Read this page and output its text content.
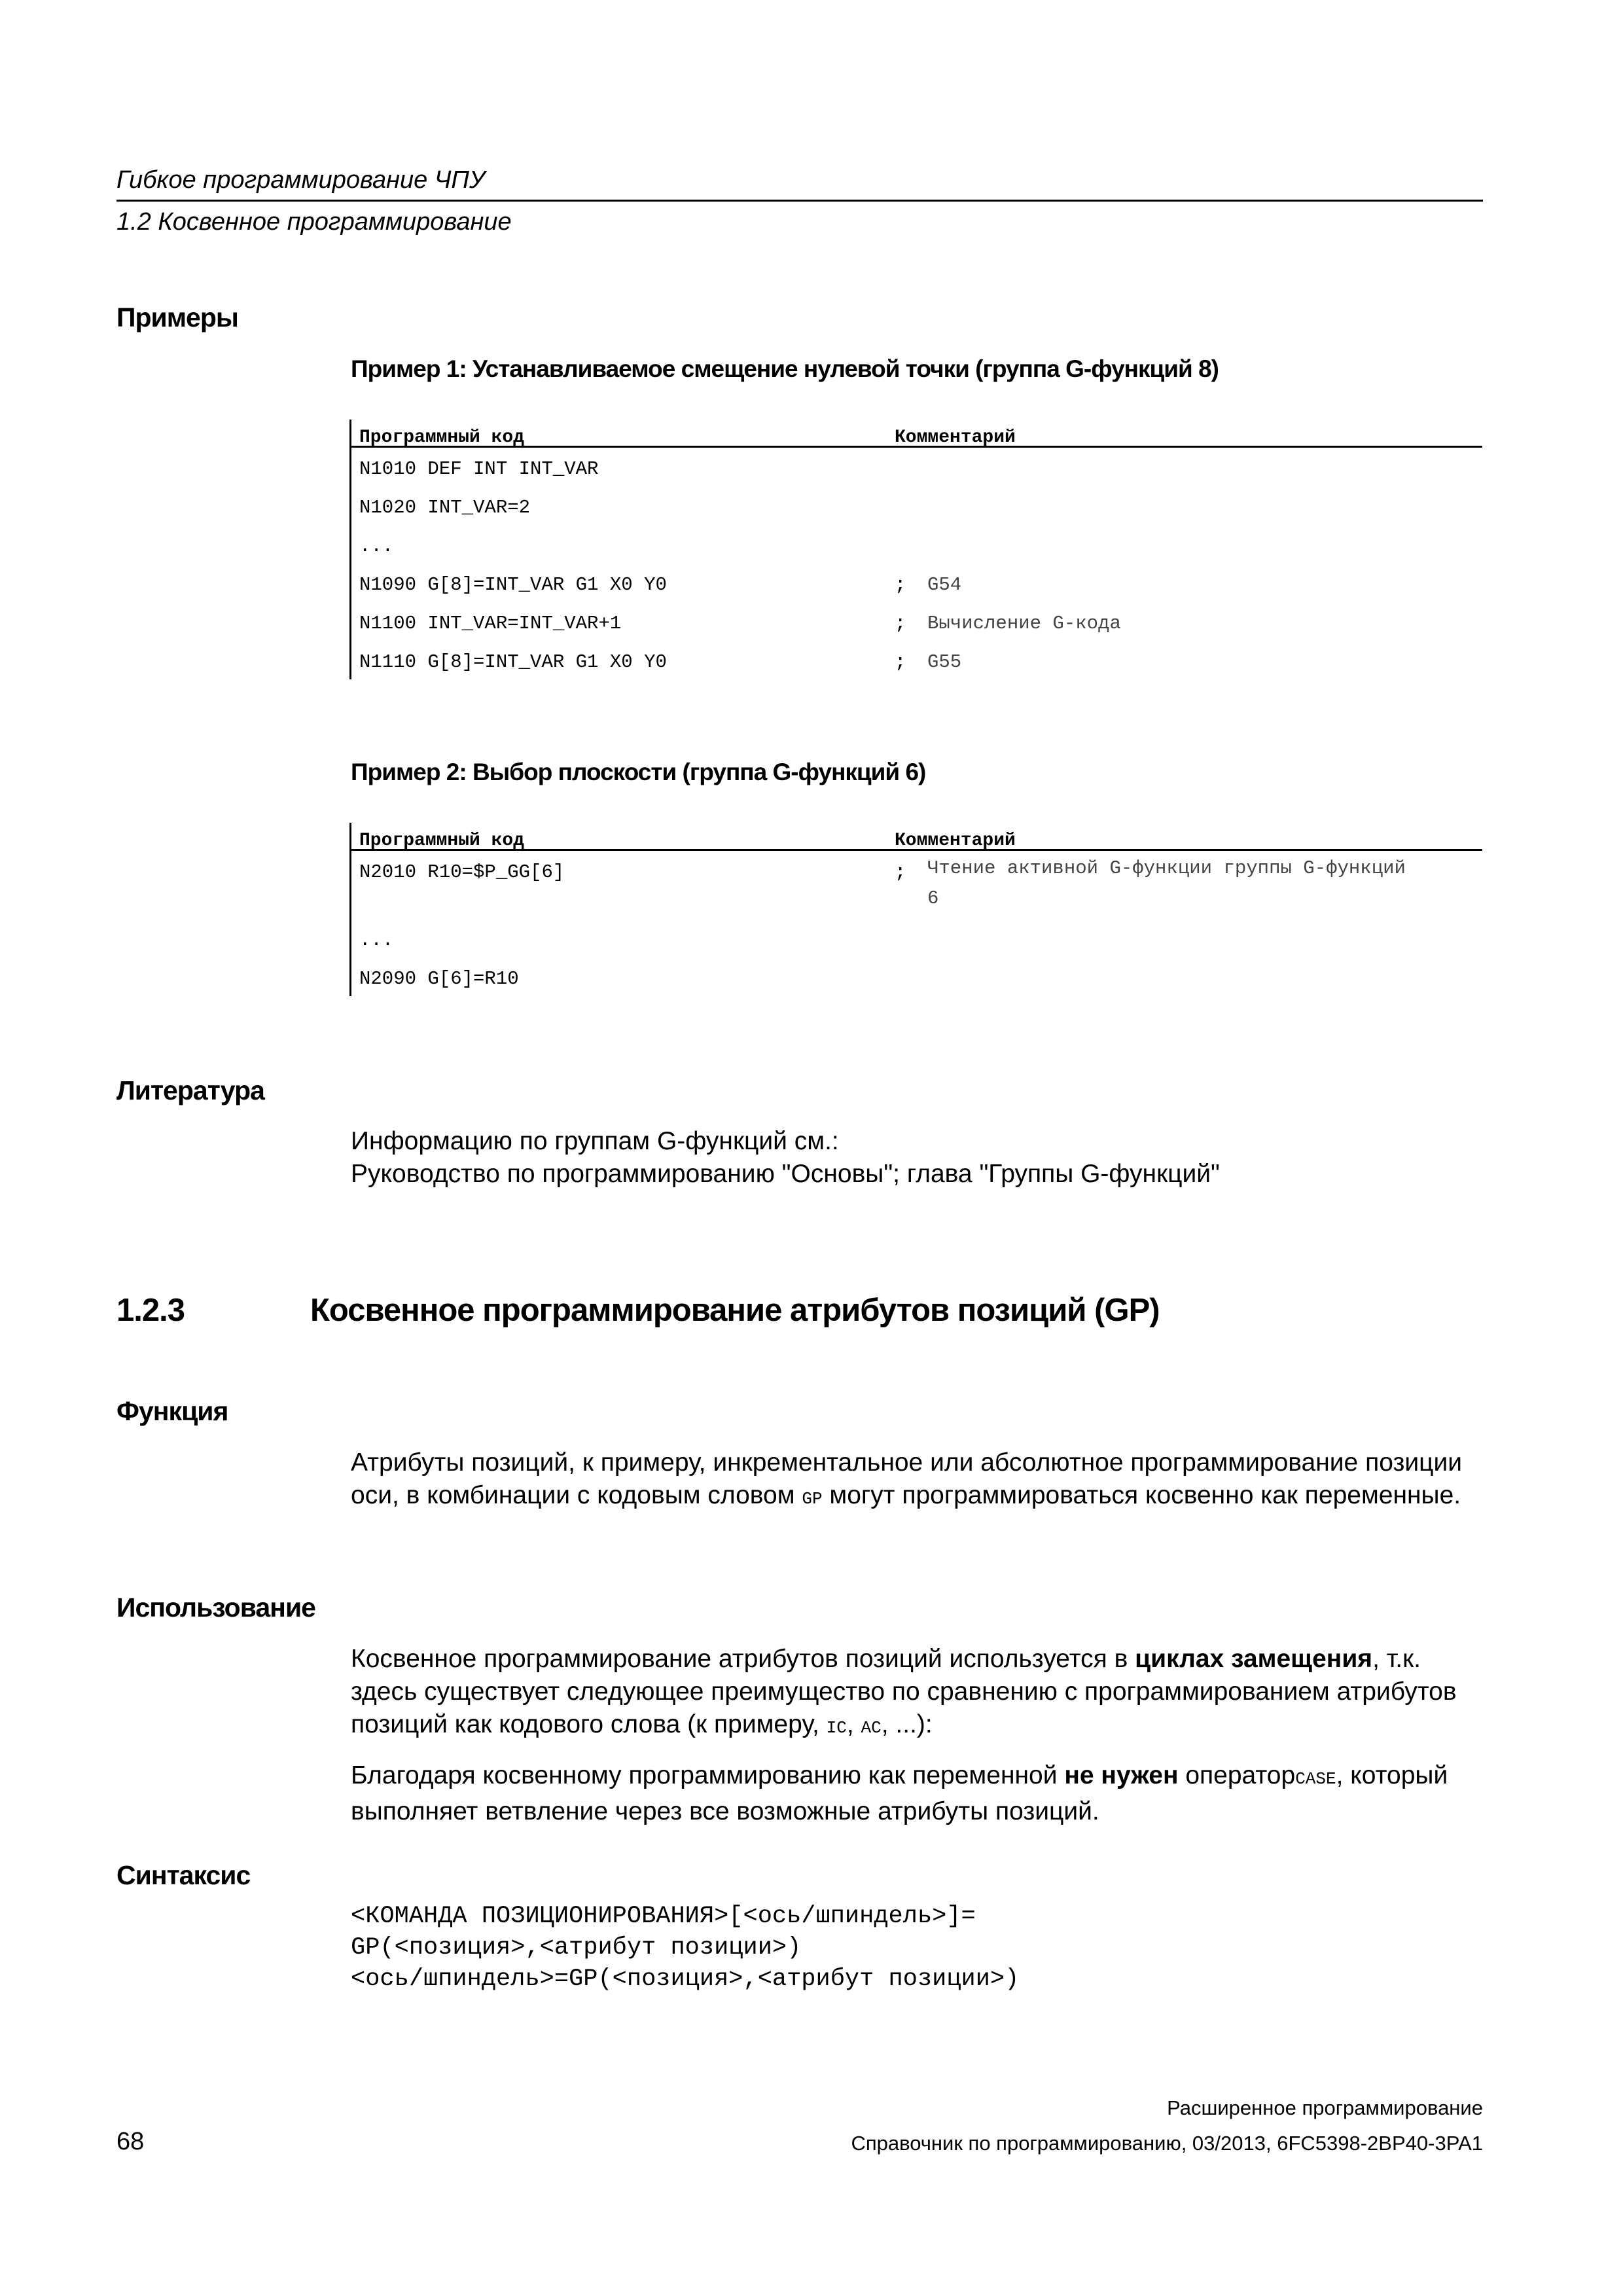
Гибкое программирование ЧПУ
1.2 Косвенное программирование
Примеры
Пример 1: Устанавливаемое смещение нулевой точки (группа G-функций 8)
Программный код	Комментарий
N1010 DEF INT INT_VAR
N1020 INT_VAR=2
...
N1090 G[8]=INT_VAR G1 X0 Y0	; G54
N1100 INT_VAR=INT_VAR+1	; Вычисление G-кода
N1110 G[8]=INT_VAR G1 X0 Y0	; G55
Пример 2: Выбор плоскости (группа G-функций 6)
Программный код	Комментарий
N2010 R10=$P_GG[6]	; Чтение активной G-функции группы G-функций 6
...
N2090 G[6]=R10
Литература
Информацию по группам G-функций см.:
Руководство по программированию "Основы"; глава "Группы G-функций"
1.2.3	Косвенное программирование атрибутов позиций (GP)
Функция
Атрибуты позиций, к примеру, инкрементальное или абсолютное программирование позиции оси, в комбинации с кодовым словом GP могут программироваться косвенно как переменные.
Использование
Косвенное программирование атрибутов позиций используется в циклах замещения, т.к. здесь существует следующее преимущество по сравнению с программированием атрибутов позиций как кодового слова (к примеру, IC, AC, ...):
Благодаря косвенному программированию как переменной не нужен операторCASE, который выполняет ветвление через все возможные атрибуты позиций.
Синтаксис
<КОМАНДА ПОЗИЦИОНИРОВАНИЯ>[<ось/шпиндель>]=
GP(<позиция>,<атрибут позиции>)
<ось/шпиндель>=GP(<позиция>,<атрибут позиции>)
Расширенное программирование
Справочник по программированию, 03/2013, 6FC5398-2BP40-3PA1
68
